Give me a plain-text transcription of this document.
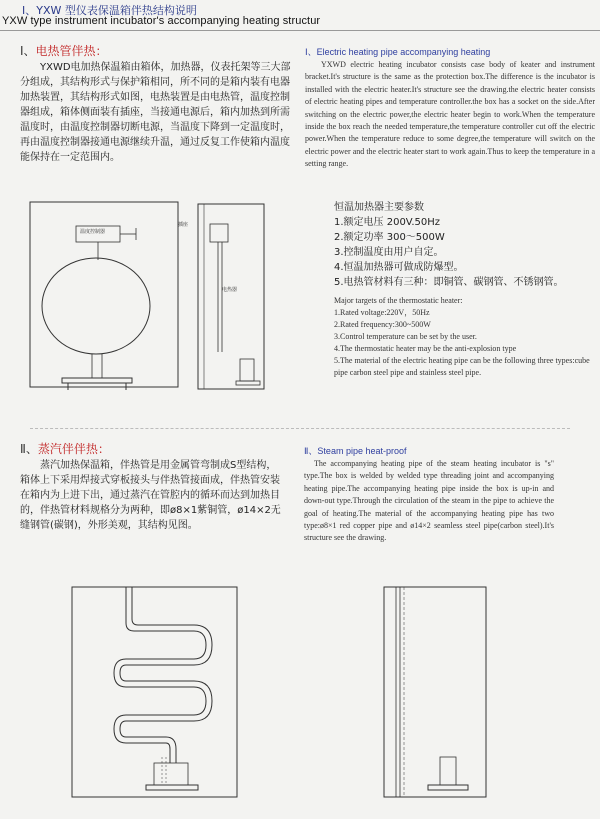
Ⅰ、YXW 型仪表保温箱伴热结构说明
YXW type instrument incubator's accompanying heating structur
Ⅰ、电热管伴热：

YXWD电加热保温箱由箱体，加热器，仪表托架等三大部分组成，其结构形式与保护箱相同，所不同的是箱内装有电器加热装置，其结构形式如图，电热装置是由电热管，温度控制器组成，箱体侧面装有插座，当接通电源后，箱内加热到所需温度时，由温度控制器切断电源，当温度下降到一定温度时，再由温度控制器接通电源继续升温，通过反复工作使箱内温度能保持在一定范围内。

Ⅰ、Electric heating pipe accompanying heating

YXWD electric heating incubator consists case body of keater and instrument bracket.It's structure is the same as the protection box.The difference is the incubator is installed with the electric heater.It's structure see the drawing.the electric heater consists of electric heating pipes and temperature controller.the box has a socket on the side.After switching on the electric power,the electric heater begin to work.When the temperature inside the box reach the needed temperature,the temperature controller cut off the electric power.When the temperature reduce to some degree,the temperature will switch on the electric power and the electric heater start to work again.Thus to keep the temperature in a setting range.

温度控制器
插座
电热器
恒温加热器主要参数
1.额定电压 200V.50Hz
2.额定功率 300～500W
3.控制温度由用户自定。
4.恒温加热器可做成防爆型。
5.电热管材料有三种：即铜管、碳钢管、不锈钢管。
Major targets of the thermostatic heater:
1.Rated voltage:220V，50Hz
2.Rated frequency:300~500W
3.Control temperature can be set by the user.
4.The thermostatic heater may be the anti-explosion type
5.The material of the electric heating pipe can be the following three types:cube pipe carbon steel pipe and stainless steel pipe.
Ⅱ、蒸汽伴伴热：

蒸汽加热保温箱，伴热管是用金属管弯制成S型结构，箱体上下采用焊接式穿板接头与伴热管接面成，伴热管安装在箱内为上进下出，通过蒸汽在管腔内的循环而达到加热目的，伴热管材料规格分为两种，即ø8×1紫铜管，ø14×2无缝钢管(碳钢)，外形美观，其结构见图。

Ⅱ、Steam pipe heat-proof

The accompanying heating pipe of the steam heating incubator is "s" type.The box is welded by welded type threading joint and accompanying heating pipe.The accompanying heating pipe inside the box is up-in and down-out type.Through the circulation of the steam in the pipe to achieve the goal of heating.The material of the accompanying heating pipe has two type:ø8×1 red copper pipe and ø14×2 seamless steel pipe(carbon steel).It's structure see the drawing.
